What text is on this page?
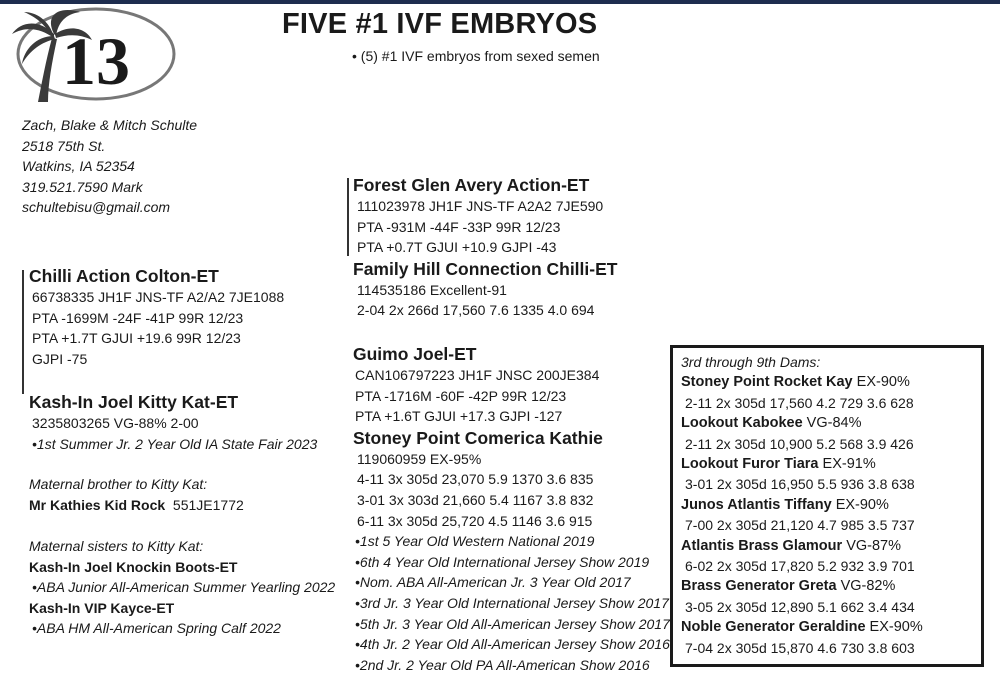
13	FIVE #1 IVF EMBRYOS
• (5) #1 IVF embryos from sexed semen
Zach, Blake & Mitch Schulte
2518 75th St.
Watkins, IA 52354
319.521.7590 Mark
schultebisu@gmail.com
Forest Glen Avery Action-ET
111023978 JH1F JNS-TF A2A2 7JE590
PTA -931M -44F -33P 99R 12/23
PTA +0.7T GJUI +10.9 GJPI -43
Family Hill Connection Chilli-ET
114535186 Excellent-91
2-04 2x 266d 17,560 7.6 1335 4.0 694
Chilli Action Colton-ET
66738335 JH1F JNS-TF A2/A2 7JE1088
PTA -1699M -24F -41P 99R 12/23
PTA +1.7T GJUI +19.6 99R 12/23
GJPI -75
Kash-In Joel Kitty Kat-ET
3235803265 VG-88% 2-00
•1st Summer Jr. 2 Year Old IA State Fair 2023
Maternal brother to Kitty Kat:
Mr Kathies Kid Rock 551JE1772
Maternal sisters to Kitty Kat:
Kash-In Joel Knockin Boots-ET
•ABA Junior All-American Summer Yearling 2022
Kash-In VIP Kayce-ET
•ABA HM All-American Spring Calf 2022
Guimo Joel-ET
CAN106797223 JH1F JNSC 200JE384
PTA -1716M -60F -42P 99R 12/23
PTA +1.6T GJUI +17.3 GJPI -127
Stoney Point Comerica Kathie
119060959 EX-95%
4-11 3x 305d 23,070 5.9 1370 3.6 835
3-01 3x 303d 21,660 5.4 1167 3.8 832
6-11 3x 305d 25,720 4.5 1146 3.6 915
•1st 5 Year Old Western National 2019
•6th 4 Year Old International Jersey Show 2019
•Nom. ABA All-American Jr. 3 Year Old 2017
•3rd Jr. 3 Year Old International Jersey Show 2017
•5th Jr. 3 Year Old All-American Jersey Show 2017
•4th Jr. 2 Year Old All-American Jersey Show 2016
•2nd Jr. 2 Year Old PA All-American Show 2016
3rd through 9th Dams:
Stoney Point Rocket Kay EX-90%
2-11 2x 305d 17,560 4.2 729 3.6 628
Lookout Kabokee VG-84%
2-11 2x 305d 10,900 5.2 568 3.9 426
Lookout Furor Tiara EX-91%
3-01 2x 305d 16,950 5.5 936 3.8 638
Junos Atlantis Tiffany EX-90%
7-00 2x 305d 21,120 4.7 985 3.5 737
Atlantis Brass Glamour VG-87%
6-02 2x 305d 17,820 5.2 932 3.9 701
Brass Generator Greta VG-82%
3-05 2x 305d 12,890 5.1 662 3.4 434
Noble Generator Geraldine EX-90%
7-04 2x 305d 15,870 4.6 730 3.8 603
